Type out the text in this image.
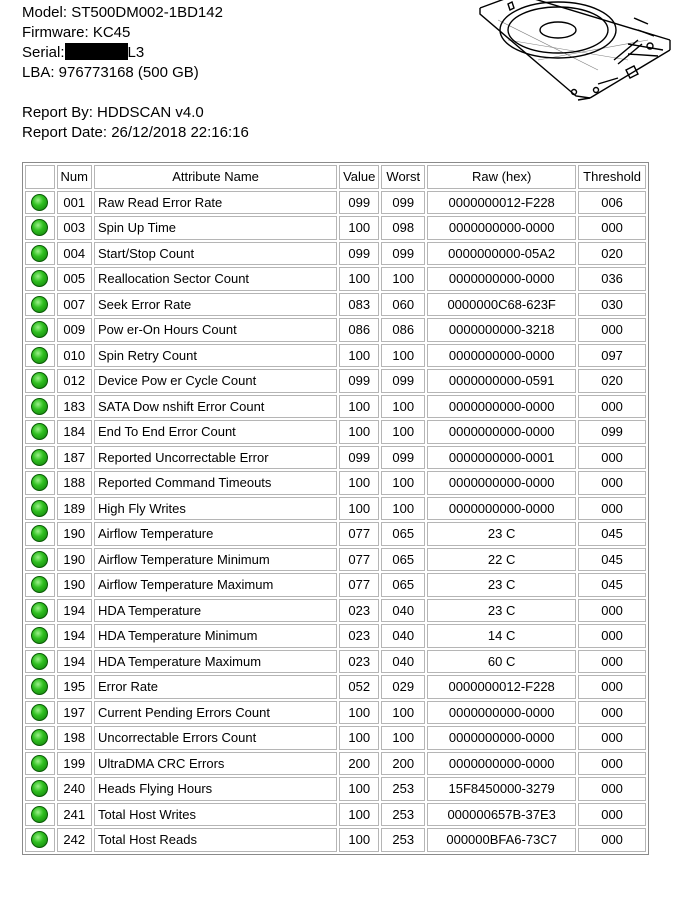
Model: ST500DM002-1BD142
Firmware: KC45
Serial:	L3
LBA: 976773168 (500 GB)
Report By: HDDSCAN v4.0
Report Date: 26/12/2018 22:16:16
	Num	Attribute Name	Value	Worst	Raw (hex)	Threshold
	001	Raw Read Error Rate	099	099	0000000012-F228	006
	003	Spin Up Time	100	098	0000000000-0000	000
	004	Start/Stop Count	099	099	0000000000-05A2	020
	005	Reallocation Sector Count	100	100	0000000000-0000	036
	007	Seek Error Rate	083	060	0000000C68-623F	030
	009	Pow er-On Hours Count	086	086	0000000000-3218	000
	010	Spin Retry Count	100	100	0000000000-0000	097
	012	Device Pow er Cycle Count	099	099	0000000000-0591	020
	183	SATA Dow nshift Error Count	100	100	0000000000-0000	000
	184	End To End Error Count	100	100	0000000000-0000	099
	187	Reported Uncorrectable Error	099	099	0000000000-0001	000
	188	Reported Command Timeouts	100	100	0000000000-0000	000
	189	High Fly Writes	100	100	0000000000-0000	000
	190	Airflow Temperature	077	065	23 C	045
	190	Airflow Temperature Minimum	077	065	22 C	045
	190	Airflow Temperature Maximum	077	065	23 C	045
	194	HDA Temperature	023	040	23 C	000
	194	HDA Temperature Minimum	023	040	14 C	000
	194	HDA Temperature Maximum	023	040	60 C	000
	195	Error Rate	052	029	0000000012-F228	000
	197	Current Pending Errors Count	100	100	0000000000-0000	000
	198	Uncorrectable Errors Count	100	100	0000000000-0000	000
	199	UltraDMA CRC Errors	200	200	0000000000-0000	000
	240	Heads Flying Hours	100	253	15F8450000-3279	000
	241	Total Host Writes	100	253	000000657B-37E3	000
	242	Total Host Reads	100	253	000000BFA6-73C7	000
